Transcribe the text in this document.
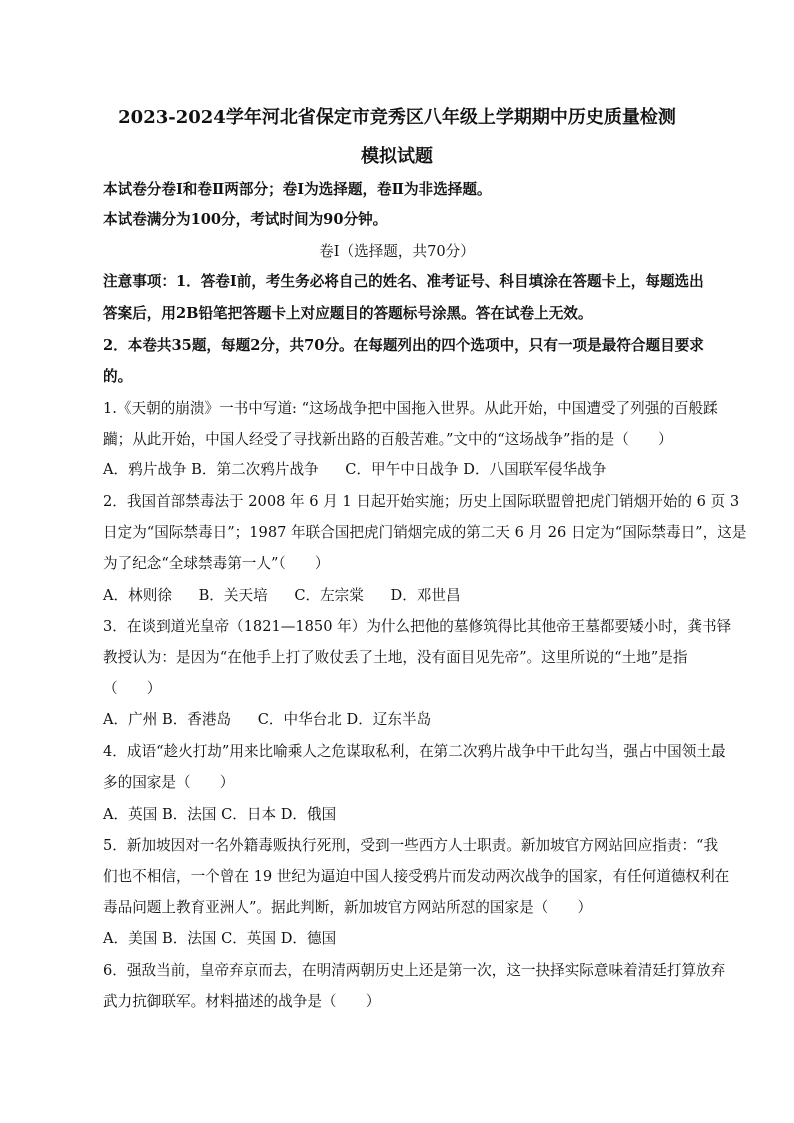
2023-2024学年河北省保定市竞秀区八年级上学期期中历史质量检测
模拟试题
本试卷分卷Ⅰ和卷Ⅱ两部分；卷Ⅰ为选择题，卷Ⅱ为非选择题。
本试卷满分为100分，考试时间为90分钟。
卷Ⅰ（选择题，共70分）
注意事项：1．答卷Ⅰ前，考生务必将自己的姓名、准考证号、科目填涂在答题卡上，每题选出
答案后，用2B铅笔把答题卡上对应题目的答题标号涂黑。答在试卷上无效。
2．本卷共35题，每题2分，共70分。在每题列出的四个选项中，只有一项是最符合题目要求
的。
1.《天朝的崩溃》一书中写道: “这场战争把中国拖入世界。从此开始，中国遭受了列强的百般蹂
躏；从此开始，中国人经受了寻找新出路的百般苦难。”文中的“这场战争”指的是（　　）
A．鸦片战争 B．第二次鸦片战争 C．甲午中日战争 D．八国联军侵华战争
2．我国首部禁毒法于 2008 年 6 月 1 日起开始实施；历史上国际联盟曾把虎门销烟开始的 6 页 3
日定为“国际禁毒日”；1987 年联合国把虎门销烟完成的第二天 6 月 26 日定为“国际禁毒日”，这是
为了纪念“全球禁毒第一人”（　　）
A．林则徐 B．关天培 C．左宗棠 D．邓世昌
3．在谈到道光皇帝（1821—1850 年）为什么把他的墓修筑得比其他帝王墓都要矮小时，龚书铎
教授认为：是因为“在他手上打了败仗丢了土地，没有面目见先帝”。这里所说的“土地”是指
（　　）
A．广州 B．香港岛 C．中华台北 D．辽东半岛
4．成语“趁火打劫”用来比喻乘人之危谋取私利，在第二次鸦片战争中干此勾当，强占中国领土最
多的国家是（　　）
A．英国 B．法国 C．日本 D．俄国
5．新加坡因对一名外籍毒贩执行死刑，受到一些西方人士职责。新加坡官方网站回应指责：“我
们也不相信，一个曾在 19 世纪为逼迫中国人接受鸦片而发动两次战争的国家，有任何道德权利在
毒品问题上教育亚洲人”。据此判断，新加坡官方网站所怼的国家是（　　）
A．美国 B．法国 C．英国 D．德国
6．强敌当前，皇帝弃京而去，在明清两朝历史上还是第一次，这一抉择实际意味着清廷打算放弃
武力抗御联军。材料描述的战争是（　　）
